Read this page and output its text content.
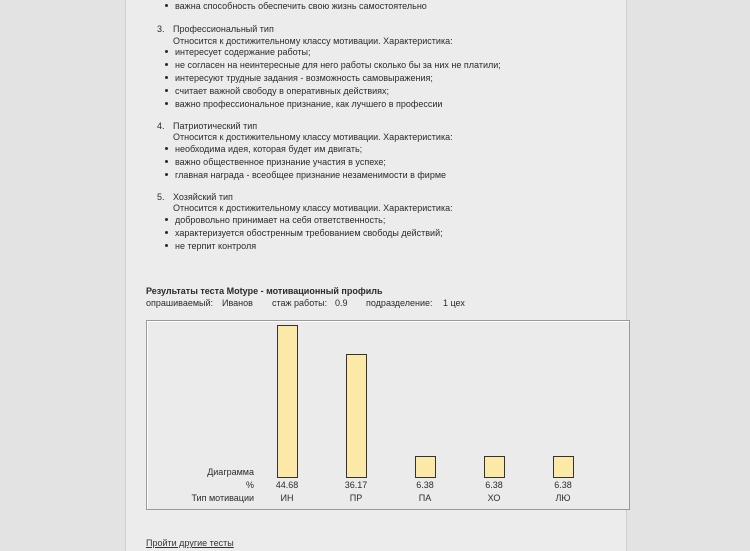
важна способность обеспечить свою жизнь самостоятельно
3. Профессиональный тип
Относится к достижительному классу мотивации. Характеристика:
интересует содержание работы;
не согласен на неинтересные для него работы сколько бы за них не платили;
интересуют трудные задания - возможность самовыражения;
считает важной свободу в оперативных действиях;
важно профессиональное признание, как лучшего в профессии
4. Патриотический тип
Относится к достижительному классу мотивации. Характеристика:
необходима идея, которая будет им двигать;
важно общественное признание участия в успехе;
главная награда - всеобщее признание незаменимости в фирме
5. Хозяйский тип
Относится к достижительному классу мотивации. Характеристика:
добровольно принимает на себя ответственность;
характеризуется обостренным требованием свободы действий;
не терпит контроля
Результаты теста Motype - мотивационный профиль
опрашиваемый: Иванов стаж работы: 0.9 подразделение: 1 цех
Диаграмма
%
Тип мотивации
44.68
ИН
36.17
ПР
6.38
ПА
6.38
ХО
6.38
ЛЮ
Пройти другие тесты
